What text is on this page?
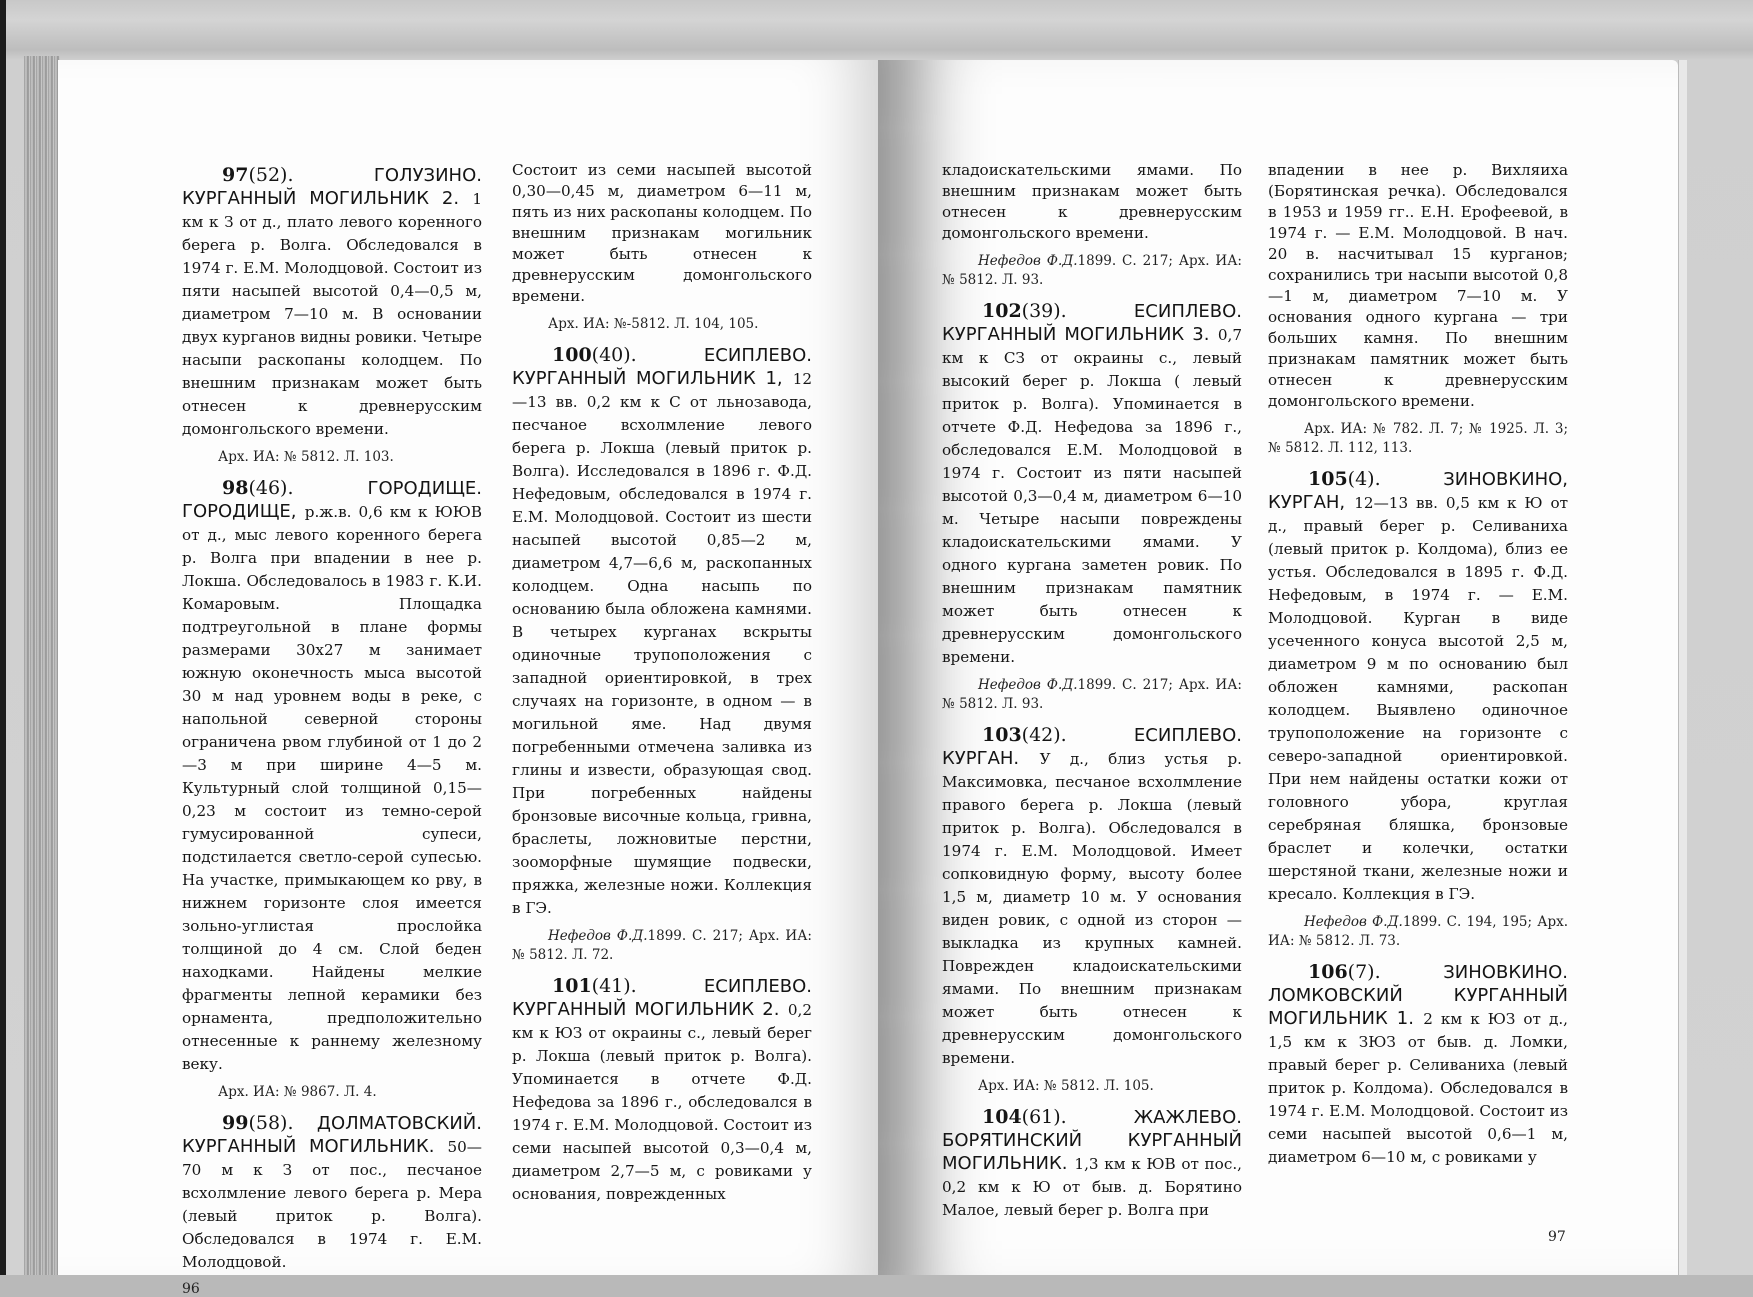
97(52).	ГОЛУЗИНО. КУРГАННЫЙ МОГИЛЬНИК 2. 1 км к З от д., плато левого коренного берега р. Волга. Обследовался в 1974 г. Е.М. Молодцовой. Состоит из пяти насыпей высотой 0,4—0,5 м, диаметром 7—10 м. В основании двух курганов видны ровики. Четыре насыпи раскопаны колодцем. По внешним признакам может быть отнесен к древнерусским домонгольского времени.

Арх. ИА: № 5812. Л. 103.

98(46).	ГОРОДИЩЕ. ГОРОДИЩЕ, р.ж.в. 0,6 км к ЮЮВ от д., мыс левого коренного берега р. Волга при впадении в нее р. Локша. Обследовалось в 1983 г. К.И. Комаровым. Площадка подтреугольной в плане формы размерами 30х27 м занимает южную оконечность мыса высотой 30 м над уровнем воды в реке, с напольной северной стороны ограничена рвом глубиной от 1 до 2—3 м при ширине 4—5 м. Культурный слой толщиной 0,15—0,23 м состоит из темно-серой гумусированной супеси, подстилается светло-серой супесью. На участке, примыкающем ко рву, в нижнем горизонте слоя имеется зольно-углистая прослойка толщиной до 4 см. Слой беден находками. Найдены мелкие фрагменты лепной керамики без орнамента, предположительно отнесенные к раннему железному веку.

Арх. ИА: № 9867. Л. 4.

99(58). ДОЛМАТОВСКИЙ. КУРГАННЫЙ МОГИЛЬНИК. 50—70 м к З от пос., песчаное всхолмление левого берега р. Мера (левый приток р. Волга). Обследовался в 1974 г. Е.М. Молодцовой.

Состоит из семи насыпей высотой 0,30—0,45 м, диаметром 6—11 м, пять из них раскопаны колодцем. По внешним признакам могильник может быть отнесен к древнерусским домонгольского времени.

Арх. ИА: №-5812. Л. 104, 105.

100(40).	ЕСИПЛЕВО. КУРГАННЫЙ МОГИЛЬНИК 1, 12—13 вв. 0,2 км к С от льнозавода, песчаное всхолмление левого берега р. Локша (левый приток р. Волга). Исследовался в 1896 г. Ф.Д. Нефедовым, обследовался в 1974 г. Е.М. Молодцовой. Состоит из шести насыпей высотой 0,85—2 м, диаметром 4,7—6,6 м, раскопанных колодцем. Одна насыпь по основанию была обложена камнями. В четырех курганах вскрыты одиночные трупоположения с западной ориентировкой, в трех случаях на горизонте, в одном — в могильной яме. Над двумя погребенными отмечена заливка из глины и извести, образующая свод. При погребенных найдены бронзовые височные кольца, гривна, браслеты, ложновитые перстни, зооморфные шумящие подвески, пряжка, железные ножи. Коллекция в ГЭ.

Нефедов Ф.Д.1899. С. 217; Арх. ИА: № 5812. Л. 72.

101(41).	ЕСИПЛЕВО. КУРГАННЫЙ МОГИЛЬНИК 2. 0,2 км к ЮЗ от окраины с., левый берег р. Локша (левый приток р. Волга). Упоминается в отчете Ф.Д. Нефедова за 1896 г., обследовался в 1974 г. Е.М. Молодцовой. Состоит из семи насыпей высотой 0,3—0,4 м, диаметром 2,7—5 м, с ровиками у основания, поврежденных

кладоискательскими ямами. По внешним признакам может быть отнесен к древнерусским домонгольского времени.

Нефедов Ф.Д.1899. С. 217; Арх. ИА: № 5812. Л. 93.

102(39).	ЕСИПЛЕВО. КУРГАННЫЙ МОГИЛЬНИК 3. 0,7 км к СЗ от окраины с., левый высокий берег р. Локша ( левый приток р. Волга). Упоминается в отчете Ф.Д. Нефедова за 1896 г., обследовался Е.М. Молодцовой в 1974 г. Состоит из пяти насыпей высотой 0,3—0,4 м, диаметром 6—10 м. Четыре насыпи повреждены кладоискательскими ямами. У одного кургана заметен ровик. По внешним признакам памятник может быть отнесен к древнерусским домонгольского времени.

Нефедов Ф.Д.1899. С. 217; Арх. ИА: № 5812. Л. 93.

103(42).	ЕСИПЛЕВО. КУРГАН. У д., близ устья р. Максимовка, песчаное всхолмление правого берега р. Локша (левый приток р. Волга). Обследовался в 1974 г. Е.М. Молодцовой. Имеет сопковидную форму, высоту более 1,5 м, диаметр 10 м. У основания виден ровик, с одной из сторон — выкладка из крупных камней. Поврежден кладоискательскими ямами. По внешним признакам может быть отнесен к древнерусским домонгольского времени.

Арх. ИА: № 5812. Л. 105.

104(61).	ЖАЖЛЕВО. БОРЯТИНСКИЙ КУРГАННЫЙ МОГИЛЬНИК. 1,3 км к ЮВ от пос., 0,2 км к Ю от быв. д. Борятино Малое, левый берег р. Волга при

впадении в нее р. Вихляиха (Борятинская речка). Обследовался в 1953 и 1959 гг.. Е.Н. Ерофеевой, в 1974 г. — Е.М. Молодцовой. В нач. 20 в. насчитывал 15 курганов; сохранились три насыпи высотой 0,8—1 м, диаметром 7—10 м. У основания одного кургана — три больших камня. По внешним признакам памятник может быть отнесен к древнерусским домонгольского времени.

Арх. ИА: № 782. Л. 7; № 1925. Л. 3; № 5812. Л. 112, 113.

105(4).	ЗИНОВКИНО, КУРГАН, 12—13 вв. 0,5 км к Ю от д., правый берег р. Селиваниха (левый приток р. Колдома), близ ее устья. Обследовался в 1895 г. Ф.Д. Нефедовым, в 1974 г. — Е.М. Молодцовой. Курган в виде усеченного конуса высотой 2,5 м, диаметром 9 м по основанию был обложен камнями, раскопан колодцем. Выявлено одиночное трупоположение на горизонте с северо-западной ориентировкой. При нем найдены остатки кожи от головного убора, круглая серебряная бляшка, бронзовые браслет и колечки, остатки шерстяной ткани, железные ножи и кресало. Коллекция в ГЭ.

Нефедов Ф.Д.1899. С. 194, 195; Арх. ИА: № 5812. Л. 73.

106(7).	ЗИНОВКИНО. ЛОМКОВСКИЙ КУРГАННЫЙ МОГИЛЬНИК 1. 2 км к ЮЗ от д., 1,5 км к ЗЮЗ от быв. д. Ломки, правый берег р. Селиваниха (левый приток р. Колдома). Обследовался в 1974 г. Е.М. Молодцовой. Состоит из семи насыпей высотой 0,6—1 м, диаметром 6—10 м, с ровиками у

96
97
